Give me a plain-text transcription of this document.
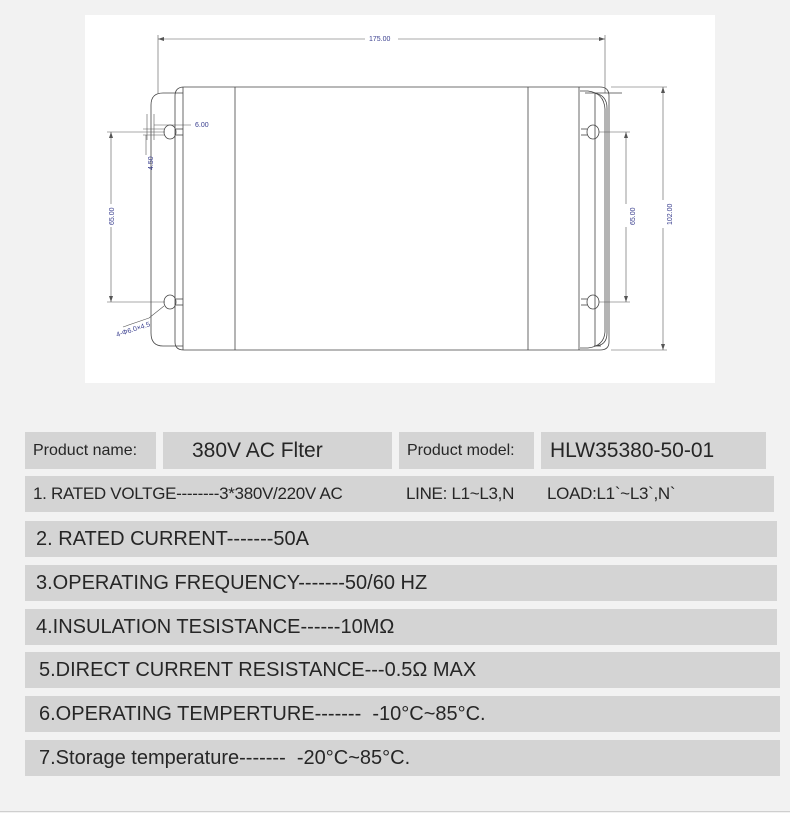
175.00
102.00
65.00	65.00
6.00
4.50
4-Φ6.0×4.5
Product name:	380V AC Flter	Product model:	HLW35380-50-01
1. RATED VOLTGE--------3*380V/220V AC	LINE: L1~L3,N	LOAD:L1`~L3`,N`
2. RATED CURRENT-------50A
3.OPERATING FREQUENCY-------50/60 HZ
4.INSULATION TESISTANCE------10MΩ
5.DIRECT CURRENT RESISTANCE---0.5Ω MAX
6.OPERATING TEMPERTURE-------  -10°C~85°C.
7.Storage temperature-------  -20°C~85°C.
